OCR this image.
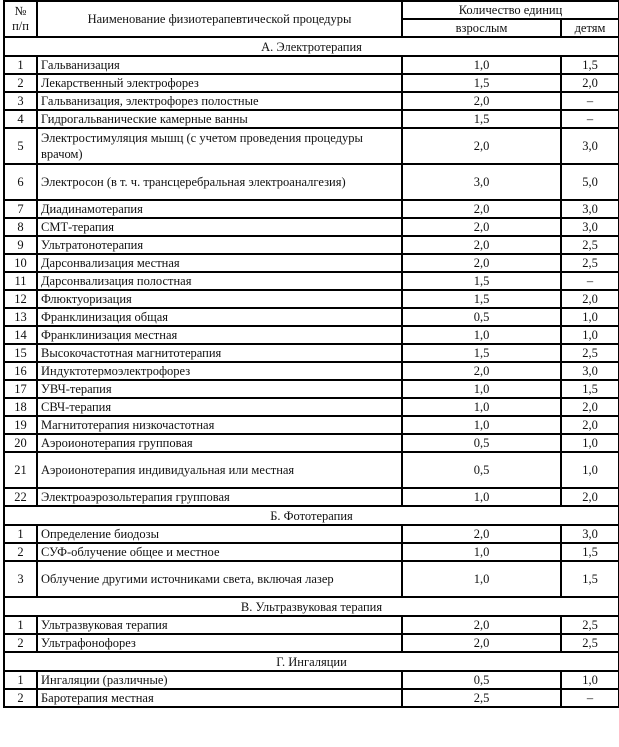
№
п/п	Наименование физиотерапевтической процедуры	Количество единиц	
		взрослым	детям
А. Электротерапия			
1	Гальванизация	1,0	1,5
2	Лекарственный электрофорез	1,5	2,0
3	Гальванизация, электрофорез полостные	2,0	–
4	Гидрогальванические камерные ванны	1,5	–
5	Электростимуляция мышц (с учетом проведения процедуры врачом)	2,0	3,0
6	Электросон (в т. ч. трансцеребральная электроаналгезия)	3,0	5,0
7	Диадинамотерапия	2,0	3,0
8	СМТ-терапия	2,0	3,0
9	Ультратонотерапия	2,0	2,5
10	Дарсонвализация местная	2,0	2,5
11	Дарсонвализация полостная	1,5	–
12	Флюктуоризация	1,5	2,0
13	Франклинизация общая	0,5	1,0
14	Франклинизация местная	1,0	1,0
15	Высокочастотная магнитотерапия	1,5	2,5
16	Индуктотермоэлектрофорез	2,0	3,0
17	УВЧ-терапия	1,0	1,5
18	СВЧ-терапия	1,0	2,0
19	Магнитотерапия низкочастотная	1,0	2,0
20	Аэроионотерапия групповая	0,5	1,0
21	Аэроионотерапия индивидуальная или местная	0,5	1,0
22	Электроаэрозольтерапия групповая	1,0	2,0
Б. Фототерапия			
1	Определение биодозы	2,0	3,0
2	СУФ-облучение общее и местное	1,0	1,5
3	Облучение другими источниками света, включая лазер	1,0	1,5
В. Ультразвуковая терапия			
1	Ультразвуковая терапия	2,0	2,5
2	Ультрафонофорез	2,0	2,5
Г. Ингаляции			
1	Ингаляции (различные)	0,5	1,0
2	Баротерапия местная	2,5	–
